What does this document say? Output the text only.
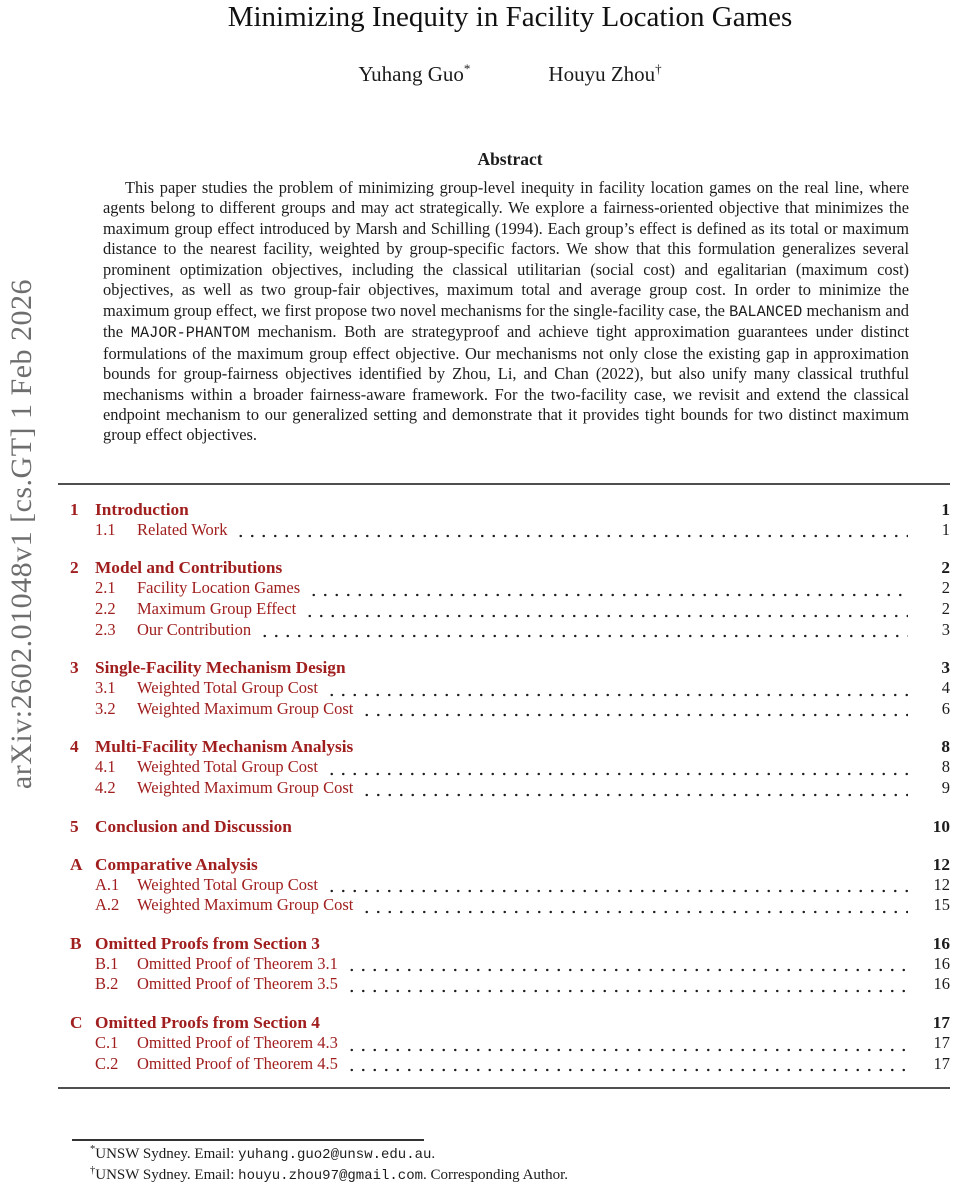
arXiv:2602.01048v1 [cs.GT] 1 Feb 2026
Minimizing Inequity in Facility Location Games
Yuhang Guo*	Houyu Zhou†
Abstract

This paper studies the problem of minimizing group-level inequity in facility location games on the real line, where agents belong to different groups and may act strategically. We explore a fairness-oriented objective that minimizes the maximum group effect introduced by Marsh and Schilling (1994). Each group’s effect is defined as its total or maximum distance to the nearest facility, weighted by group-specific factors. We show that this formulation generalizes several prominent optimization objectives, including the classical utilitarian (social cost) and egalitarian (maximum cost) objectives, as well as two group-fair objectives, maximum total and average group cost. In order to minimize the maximum group effect, we first propose two novel mechanisms for the single-facility case, the BALANCED mechanism and the MAJOR-PHANTOM mechanism. Both are strategyproof and achieve tight approximation guarantees under distinct formulations of the maximum group effect objective. Our mechanisms not only close the existing gap in approximation bounds for group-fairness objectives identified by Zhou, Li, and Chan (2022), but also unify many classical truthful mechanisms within a broader fairness-aware framework. For the two-facility case, we revisit and extend the classical endpoint mechanism to our generalized setting and demonstrate that it provides tight bounds for two distinct maximum group effect objectives.

1 Introduction	1
1.1	Related Work	1
2 Model and Contributions	2
2.1	Facility Location Games	2
2.2	Maximum Group Effect	2
2.3	Our Contribution	3
3 Single-Facility Mechanism Design	3
3.1	Weighted Total Group Cost	4
3.2	Weighted Maximum Group Cost	6
4 Multi-Facility Mechanism Analysis	8
4.1	Weighted Total Group Cost	8
4.2	Weighted Maximum Group Cost	9
5 Conclusion and Discussion	10
A Comparative Analysis	12
A.1	Weighted Total Group Cost	12
A.2	Weighted Maximum Group Cost	15
B Omitted Proofs from Section 3	16
B.1	Omitted Proof of Theorem 3.1	16
B.2	Omitted Proof of Theorem 3.5	16
C Omitted Proofs from Section 4	17
C.1	Omitted Proof of Theorem 4.3	17
C.2	Omitted Proof of Theorem 4.5	17

*UNSW Sydney. Email: yuhang.guo2@unsw.edu.au.

†UNSW Sydney. Email: houyu.zhou97@gmail.com. Corresponding Author.
